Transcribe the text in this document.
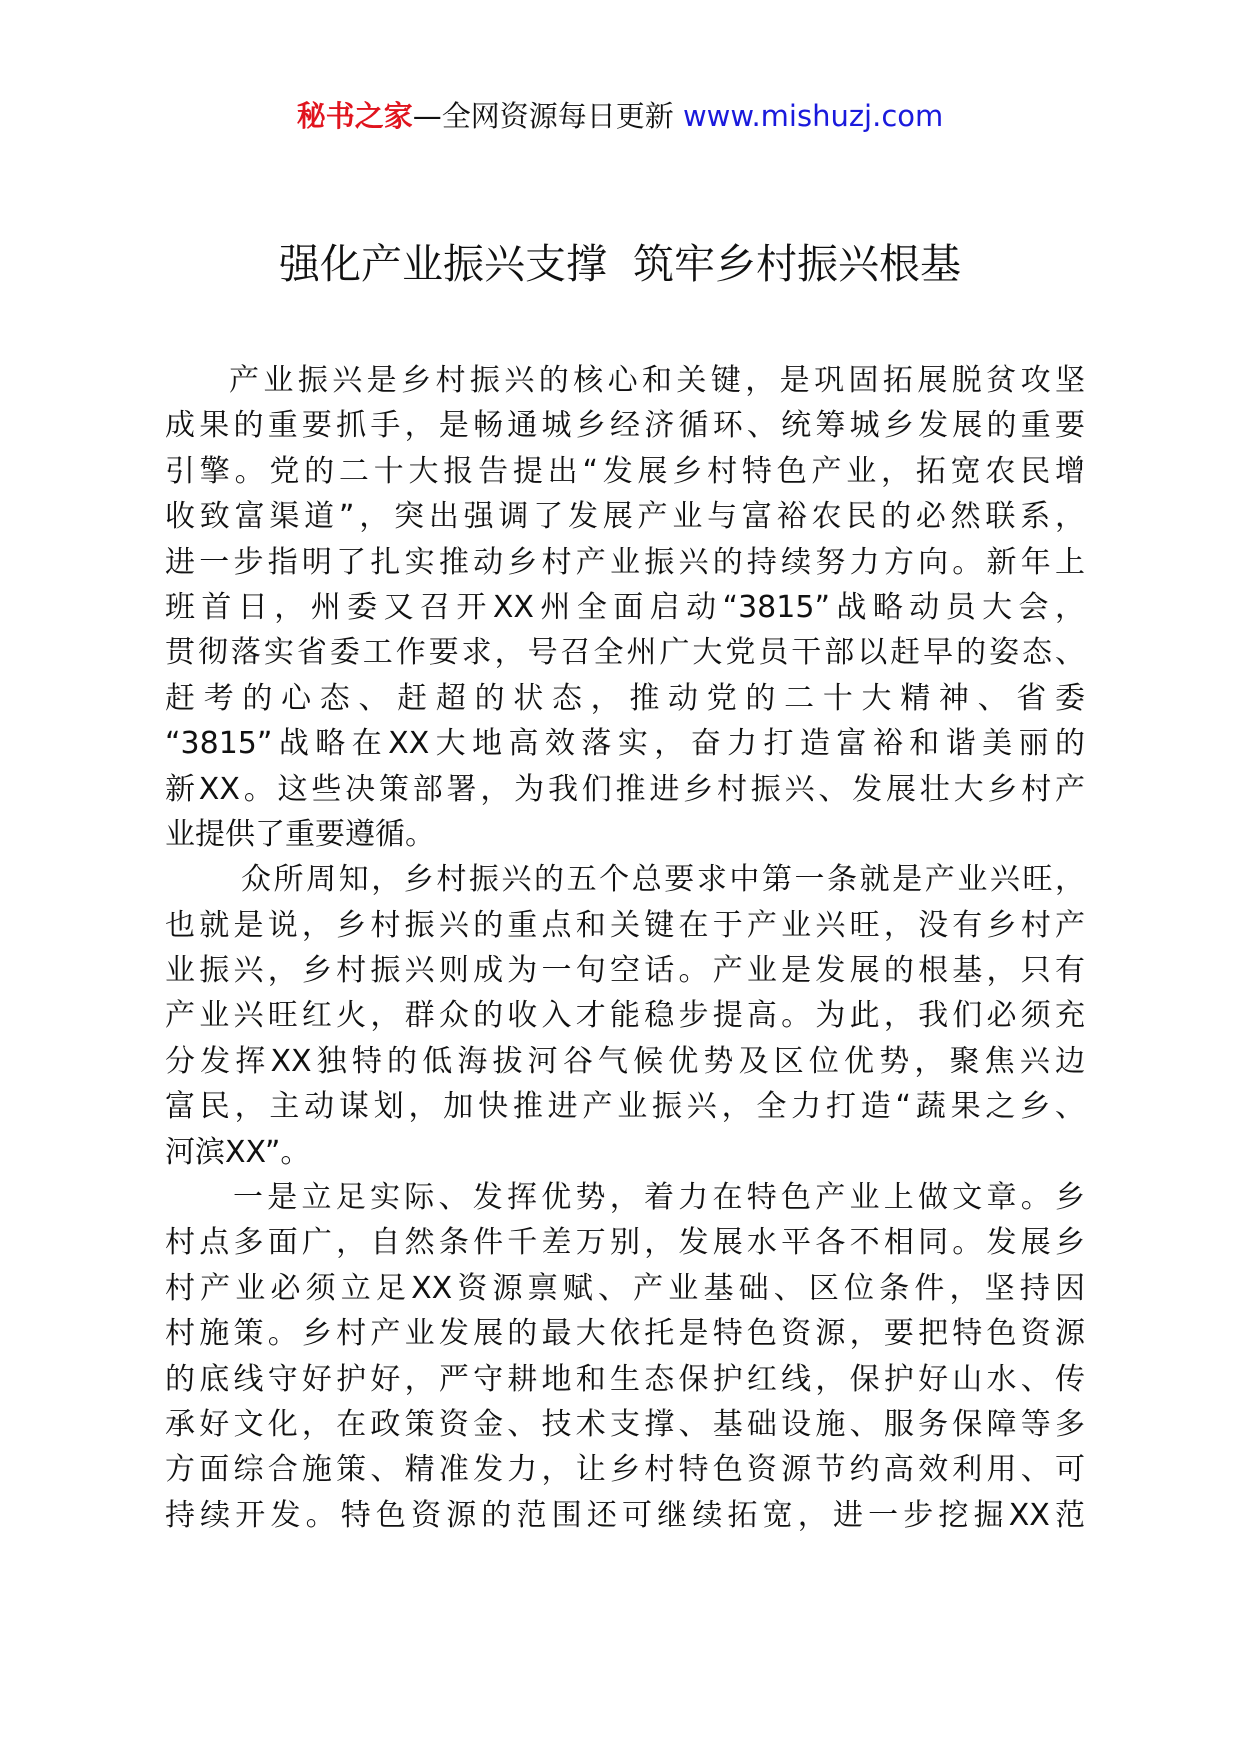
秘书之家—全网资源每日更新 www.mishuzj.com
强化产业振兴支撑  筑牢乡村振兴根基
产业振兴是乡村振兴的核心和关键，是巩固拓展脱贫攻坚
成果的重要抓手，是畅通城乡经济循环、统筹城乡发展的重要
引擎。党的二十大报告提出“发展乡村特色产业，拓宽农民增
收致富渠道”，突出强调了发展产业与富裕农民的必然联系，
进一步指明了扎实推动乡村产业振兴的持续努力方向。新年上
班首日，州委又召开XX州全面启动“3815”战略动员大会，
贯彻落实省委工作要求，号召全州广大党员干部以赶早的姿态、
赶考的心态、赶超的状态，推动党的二十大精神、省委
“3815”战略在XX大地高效落实，奋力打造富裕和谐美丽的
新XX。这些决策部署，为我们推进乡村振兴、发展壮大乡村产
业提供了重要遵循。
众所周知，乡村振兴的五个总要求中第一条就是产业兴旺，
也就是说，乡村振兴的重点和关键在于产业兴旺，没有乡村产
业振兴，乡村振兴则成为一句空话。产业是发展的根基，只有
产业兴旺红火，群众的收入才能稳步提高。为此，我们必须充
分发挥XX独特的低海拔河谷气候优势及区位优势，聚焦兴边
富民，主动谋划，加快推进产业振兴，全力打造“蔬果之乡、
河滨XX”。
一是立足实际、发挥优势，着力在特色产业上做文章。乡
村点多面广，自然条件千差万别，发展水平各不相同。发展乡
村产业必须立足XX资源禀赋、产业基础、区位条件，坚持因
村施策。乡村产业发展的最大依托是特色资源，要把特色资源
的底线守好护好，严守耕地和生态保护红线，保护好山水、传
承好文化，在政策资金、技术支撑、基础设施、服务保障等多
方面综合施策、精准发力，让乡村特色资源节约高效利用、可
持续开发。特色资源的范围还可继续拓宽，进一步挖掘XX范
